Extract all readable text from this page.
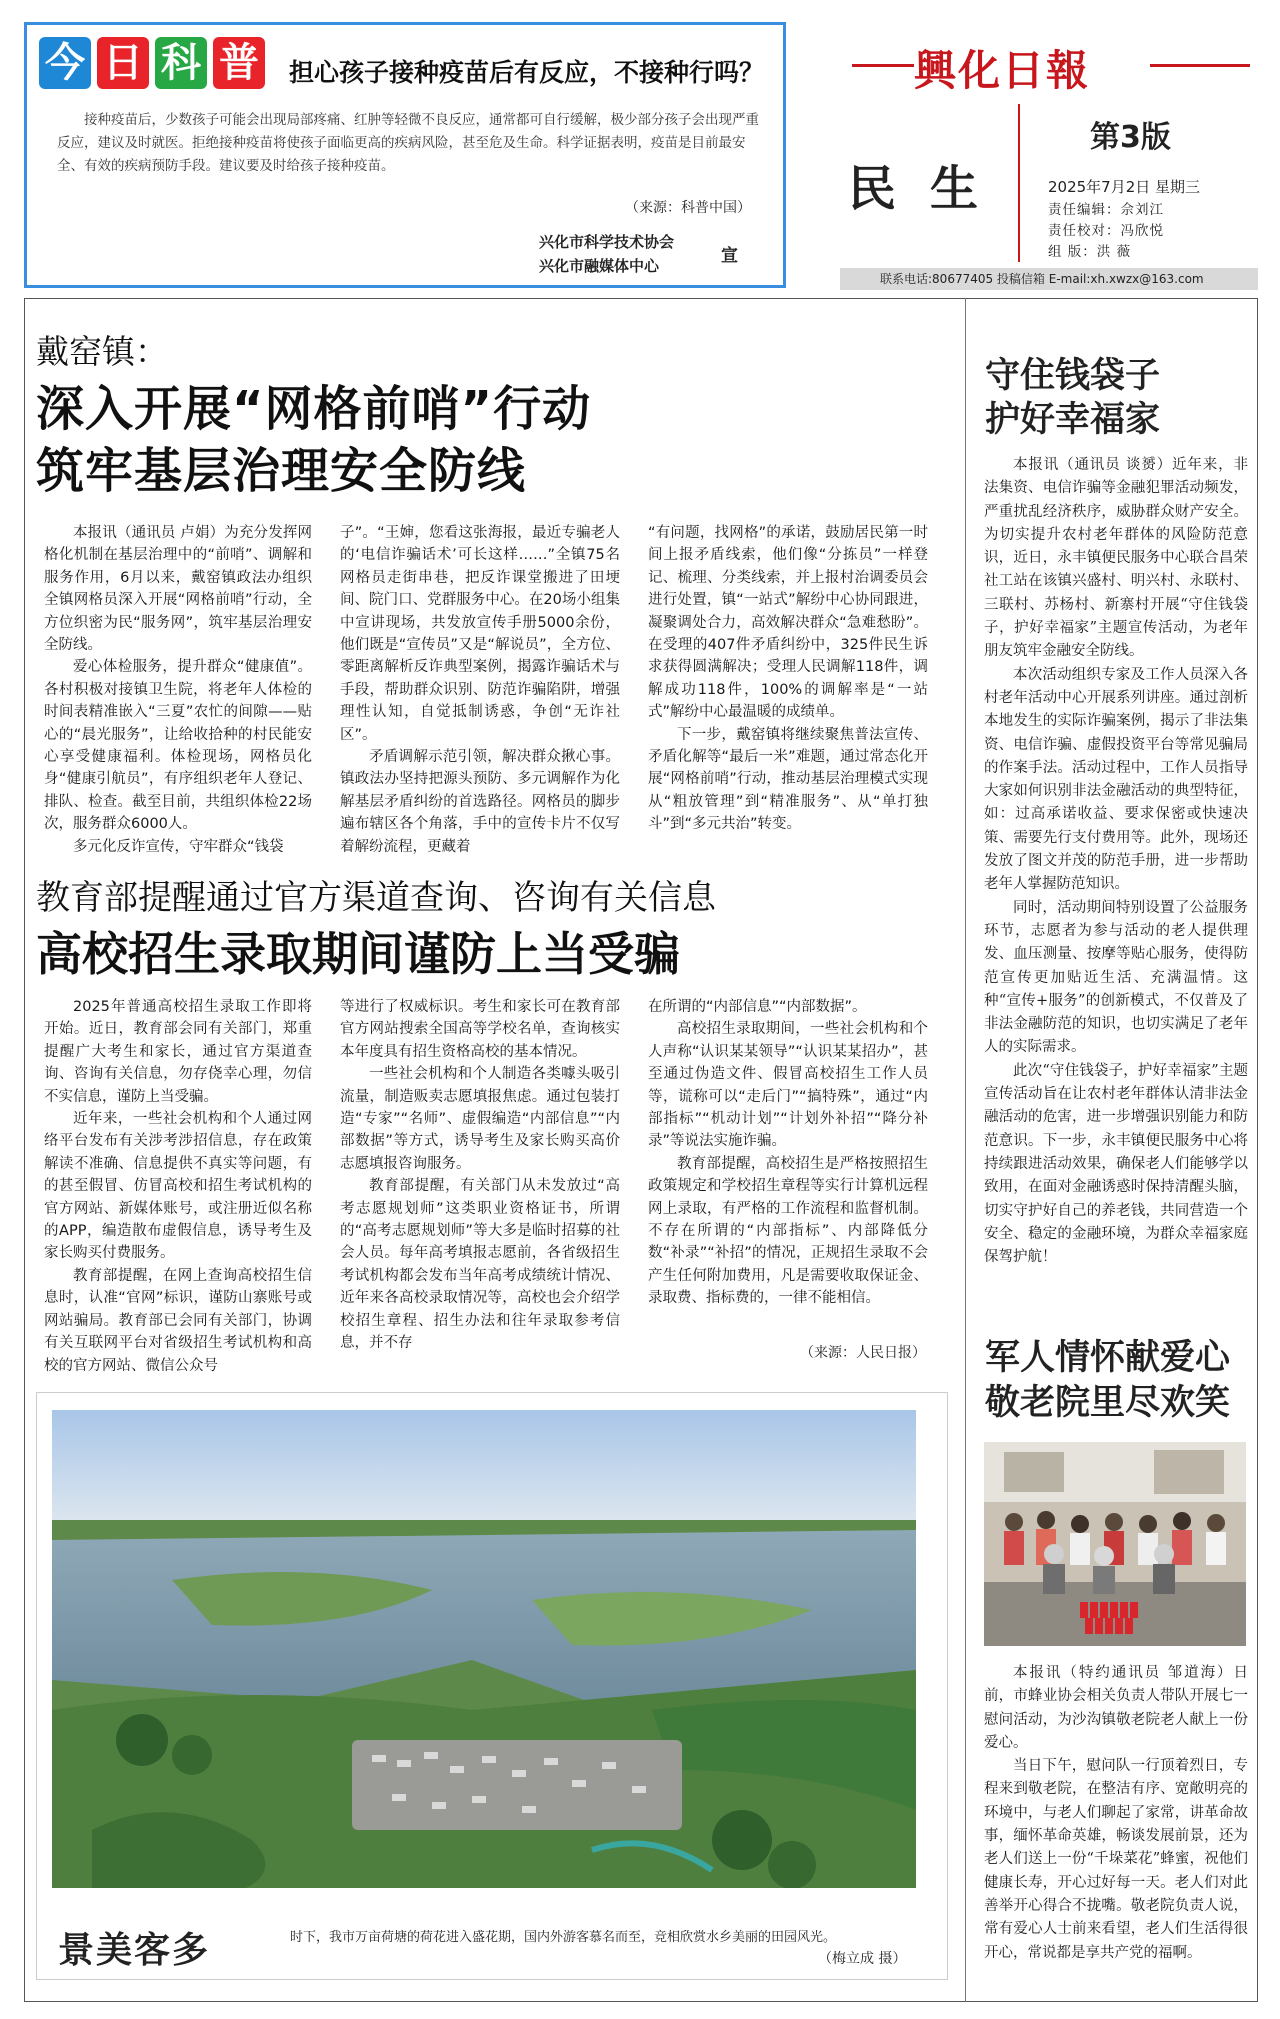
今 日 科 普 担心孩子接种疫苗后有反应，不接种行吗？
接种疫苗后，少数孩子可能会出现局部疼痛、红肿等轻微不良反应，通常都可自行缓解，极少部分孩子会出现严重反应，建议及时就医。拒绝接种疫苗将使孩子面临更高的疾病风险，甚至危及生命。科学证据表明，疫苗是目前最安全、有效的疾病预防手段。建议要及时给孩子接种疫苗。
（来源：科普中国）
兴化市科学技术协会
兴化市融媒体中心	宣
興化日報
民生
第3版
2025年7月2日 星期三
责任编辑：佘刘江
责任校对：冯欣悦
组 版：洪 薇
联系电话:80677405 投稿信箱 E-mail:xh.xwzx@163.com
戴窑镇：
深入开展“网格前哨”行动
筑牢基层治理安全防线

本报讯（通讯员 卢娟）为充分发挥网格化机制在基层治理中的“前哨”、调解和服务作用，6月以来，戴窑镇政法办组织全镇网格员深入开展“网格前哨”行动，全方位织密为民“服务网”，筑牢基层治理安全防线。

爱心体检服务，提升群众“健康值”。各村积极对接镇卫生院，将老年人体检的时间表精准嵌入“三夏”农忙的间隙——贴心的“晨光服务”，让给收拾种的村民能安心享受健康福利。体检现场，网格员化身“健康引航员”，有序组织老年人登记、排队、检查。截至目前，共组织体检22场次，服务群众6000人。

多元化反诈宣传，守牢群众“钱袋

子”。“王婶，您看这张海报，最近专骗老人的‘电信诈骗话术’可长这样……”全镇75名网格员走街串巷，把反诈课堂搬进了田埂间、院门口、党群服务中心。在20场小组集中宣讲现场，共发放宣传手册5000余份，他们既是“宣传员”又是“解说员”，全方位、零距离解析反诈典型案例，揭露诈骗话术与手段，帮助群众识别、防范诈骗陷阱，增强理性认知，自觉抵制诱惑，争创“无诈社区”。

矛盾调解示范引领，解决群众揪心事。镇政法办坚持把源头预防、多元调解作为化解基层矛盾纠纷的首选路径。网格员的脚步遍布辖区各个角落，手中的宣传卡片不仅写着解纷流程，更藏着

“有问题，找网格”的承诺，鼓励居民第一时间上报矛盾线索，他们像“分拣员”一样登记、梳理、分类线索，并上报村治调委员会进行处置，镇“一站式”解纷中心协同跟进，凝聚调处合力，高效解决群众“急难愁盼”。在受理的407件矛盾纠纷中，325件民生诉求获得圆满解决；受理人民调解118件，调解成功118件，100%的调解率是“一站式”解纷中心最温暖的成绩单。

下一步，戴窑镇将继续聚焦普法宣传、矛盾化解等“最后一米”难题，通过常态化开展“网格前哨”行动，推动基层治理模式实现从“粗放管理”到“精准服务”、从“单打独斗”到“多元共治”转变。

教育部提醒通过官方渠道查询、咨询有关信息
高校招生录取期间谨防上当受骗

2025年普通高校招生录取工作即将开始。近日，教育部会同有关部门，郑重提醒广大考生和家长，通过官方渠道查询、咨询有关信息，勿存侥幸心理，勿信不实信息，谨防上当受骗。

近年来，一些社会机构和个人通过网络平台发布有关涉考涉招信息，存在政策解读不准确、信息提供不真实等问题，有的甚至假冒、仿冒高校和招生考试机构的官方网站、新媒体账号，或注册近似名称的APP，编造散布虚假信息，诱导考生及家长购买付费服务。

教育部提醒，在网上查询高校招生信息时，认准“官网”标识，谨防山寨账号或网站骗局。教育部已会同有关部门，协调有关互联网平台对省级招生考试机构和高校的官方网站、微信公众号

等进行了权威标识。考生和家长可在教育部官方网站搜索全国高等学校名单，查询核实本年度具有招生资格高校的基本情况。

一些社会机构和个人制造各类噱头吸引流量，制造贩卖志愿填报焦虑。通过包装打造“专家”“名师”、虚假编造“内部信息”“内部数据”等方式，诱导考生及家长购买高价志愿填报咨询服务。

教育部提醒，有关部门从未发放过“高考志愿规划师”这类职业资格证书，所谓的“高考志愿规划师”等大多是临时招募的社会人员。每年高考填报志愿前，各省级招生考试机构都会发布当年高考成绩统计情况、近年来各高校录取情况等，高校也会介绍学校招生章程、招生办法和往年录取参考信息，并不存

在所谓的“内部信息”“内部数据”。

高校招生录取期间，一些社会机构和个人声称“认识某某领导”“认识某某招办”，甚至通过伪造文件、假冒高校招生工作人员等，谎称可以“走后门”“搞特殊”，通过“内部指标”“机动计划”“计划外补招”“降分补录”等说法实施诈骗。

教育部提醒，高校招生是严格按照招生政策规定和学校招生章程等实行计算机远程网上录取，有严格的工作流程和监督机制。不存在所谓的“内部指标”、内部降低分数“补录”“补招”的情况，正规招生录取不会产生任何附加费用，凡是需要收取保证金、录取费、指标费的，一律不能相信。

（来源：人民日报）
景美客多	时下，我市万亩荷塘的荷花进入盛花期，国内外游客慕名而至，竞相欣赏水乡美丽的田园风光。
（梅立成 摄）
守住钱袋子
护好幸福家

本报讯（通讯员 谈赟）近年来，非法集资、电信诈骗等金融犯罪活动频发，严重扰乱经济秩序，威胁群众财产安全。为切实提升农村老年群体的风险防范意识，近日，永丰镇便民服务中心联合昌荣社工站在该镇兴盛村、明兴村、永联村、三联村、苏杨村、新寨村开展“守住钱袋子，护好幸福家”主题宣传活动，为老年朋友筑牢金融安全防线。

本次活动组织专家及工作人员深入各村老年活动中心开展系列讲座。通过剖析本地发生的实际诈骗案例，揭示了非法集资、电信诈骗、虚假投资平台等常见骗局的作案手法。活动过程中，工作人员指导大家如何识别非法金融活动的典型特征，如：过高承诺收益、要求保密或快速决策、需要先行支付费用等。此外，现场还发放了图文并茂的防范手册，进一步帮助老年人掌握防范知识。

同时，活动期间特别设置了公益服务环节，志愿者为参与活动的老人提供理发、血压测量、按摩等贴心服务，使得防范宣传更加贴近生活、充满温情。这种“宣传+服务”的创新模式，不仅普及了非法金融防范的知识，也切实满足了老年人的实际需求。

此次“守住钱袋子，护好幸福家”主题宣传活动旨在让农村老年群体认清非法金融活动的危害，进一步增强识别能力和防范意识。下一步，永丰镇便民服务中心将持续跟进活动效果，确保老人们能够学以致用，在面对金融诱惑时保持清醒头脑，切实守护好自己的养老钱，共同营造一个安全、稳定的金融环境，为群众幸福家庭保驾护航！

军人情怀献爱心
敬老院里尽欢笑

本报讯（特约通讯员 邹道海）日前，市蜂业协会相关负责人带队开展七一慰问活动，为沙沟镇敬老院老人献上一份爱心。

当日下午，慰问队一行顶着烈日，专程来到敬老院，在整洁有序、宽敞明亮的环境中，与老人们聊起了家常，讲革命故事，缅怀革命英雄，畅谈发展前景，还为老人们送上一份“千垛菜花”蜂蜜，祝他们健康长寿，开心过好每一天。老人们对此善举开心得合不拢嘴。敬老院负责人说，常有爱心人士前来看望，老人们生活得很开心，常说都是享共产党的福啊。
